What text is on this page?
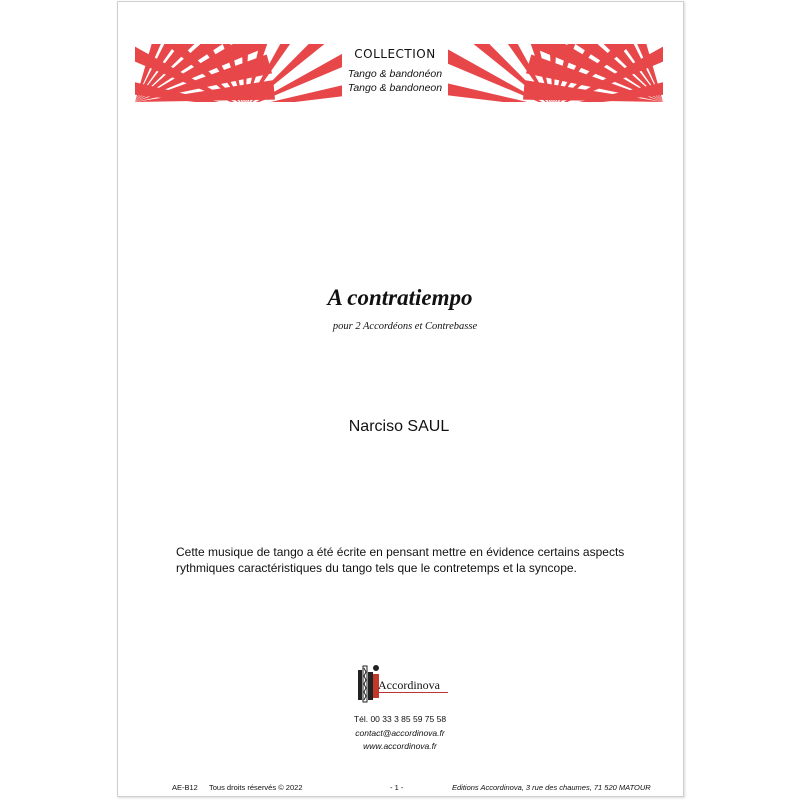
COLLECTION
Tango & bandonéon
Tango & bandoneon
A contratiempo
pour 2 Accordéons et Contrebasse
Narciso SAUL
Cette musique de tango a été écrite en pensant mettre en évidence certains aspects
rythmiques caractéristiques du tango tels que le contretemps et la syncope.
Accordinova
Tél. 00 33 3 85 59 75 58
contact@accordinova.fr
www.accordinova.fr
AE-B12 Tous droits réservés © 2022	- 1 -	Editions Accordinova, 3 rue des chaumes, 71 520 MATOUR
